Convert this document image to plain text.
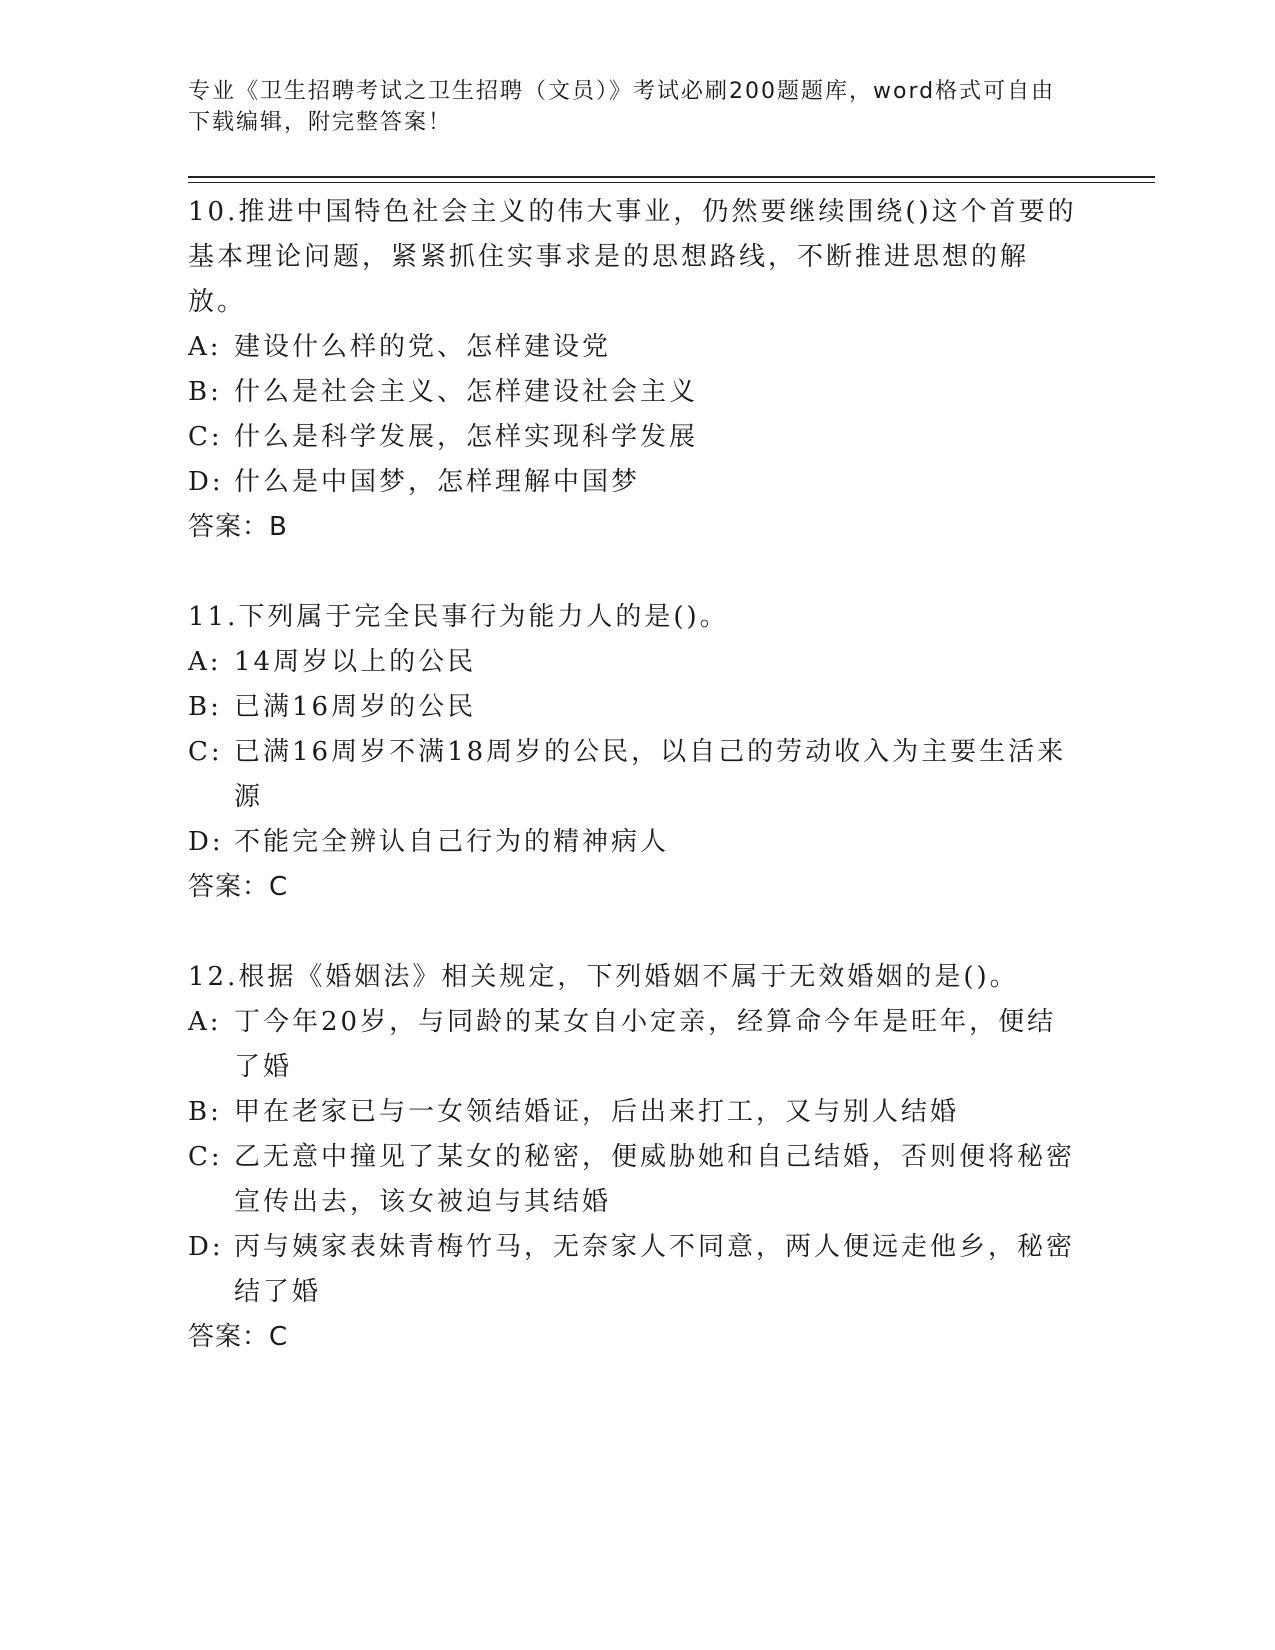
专业《卫生招聘考试之卫生招聘（文员）》考试必刷200题题库，word格式可自由下载编辑，附完整答案！
10.推进中国特色社会主义的伟大事业，仍然要继续围绕()这个首要的基本理论问题，紧紧抓住实事求是的思想路线，不断推进思想的解放。
A: 建设什么样的党、怎样建设党
B: 什么是社会主义、怎样建设社会主义
C: 什么是科学发展，怎样实现科学发展
D: 什么是中国梦，怎样理解中国梦
答案：B
11.下列属于完全民事行为能力人的是()。
A: 14周岁以上的公民
B: 已满16周岁的公民
C: 已满16周岁不满18周岁的公民，以自己的劳动收入为主要生活来源
D: 不能完全辨认自己行为的精神病人
答案：C
12.根据《婚姻法》相关规定，下列婚姻不属于无效婚姻的是()。
A: 丁今年20岁，与同龄的某女自小定亲，经算命今年是旺年，便结了婚
B: 甲在老家已与一女领结婚证，后出来打工，又与别人结婚
C: 乙无意中撞见了某女的秘密，便威胁她和自己结婚，否则便将秘密宣传出去，该女被迫与其结婚
D: 丙与姨家表妹青梅竹马，无奈家人不同意，两人便远走他乡，秘密结了婚
答案：C
